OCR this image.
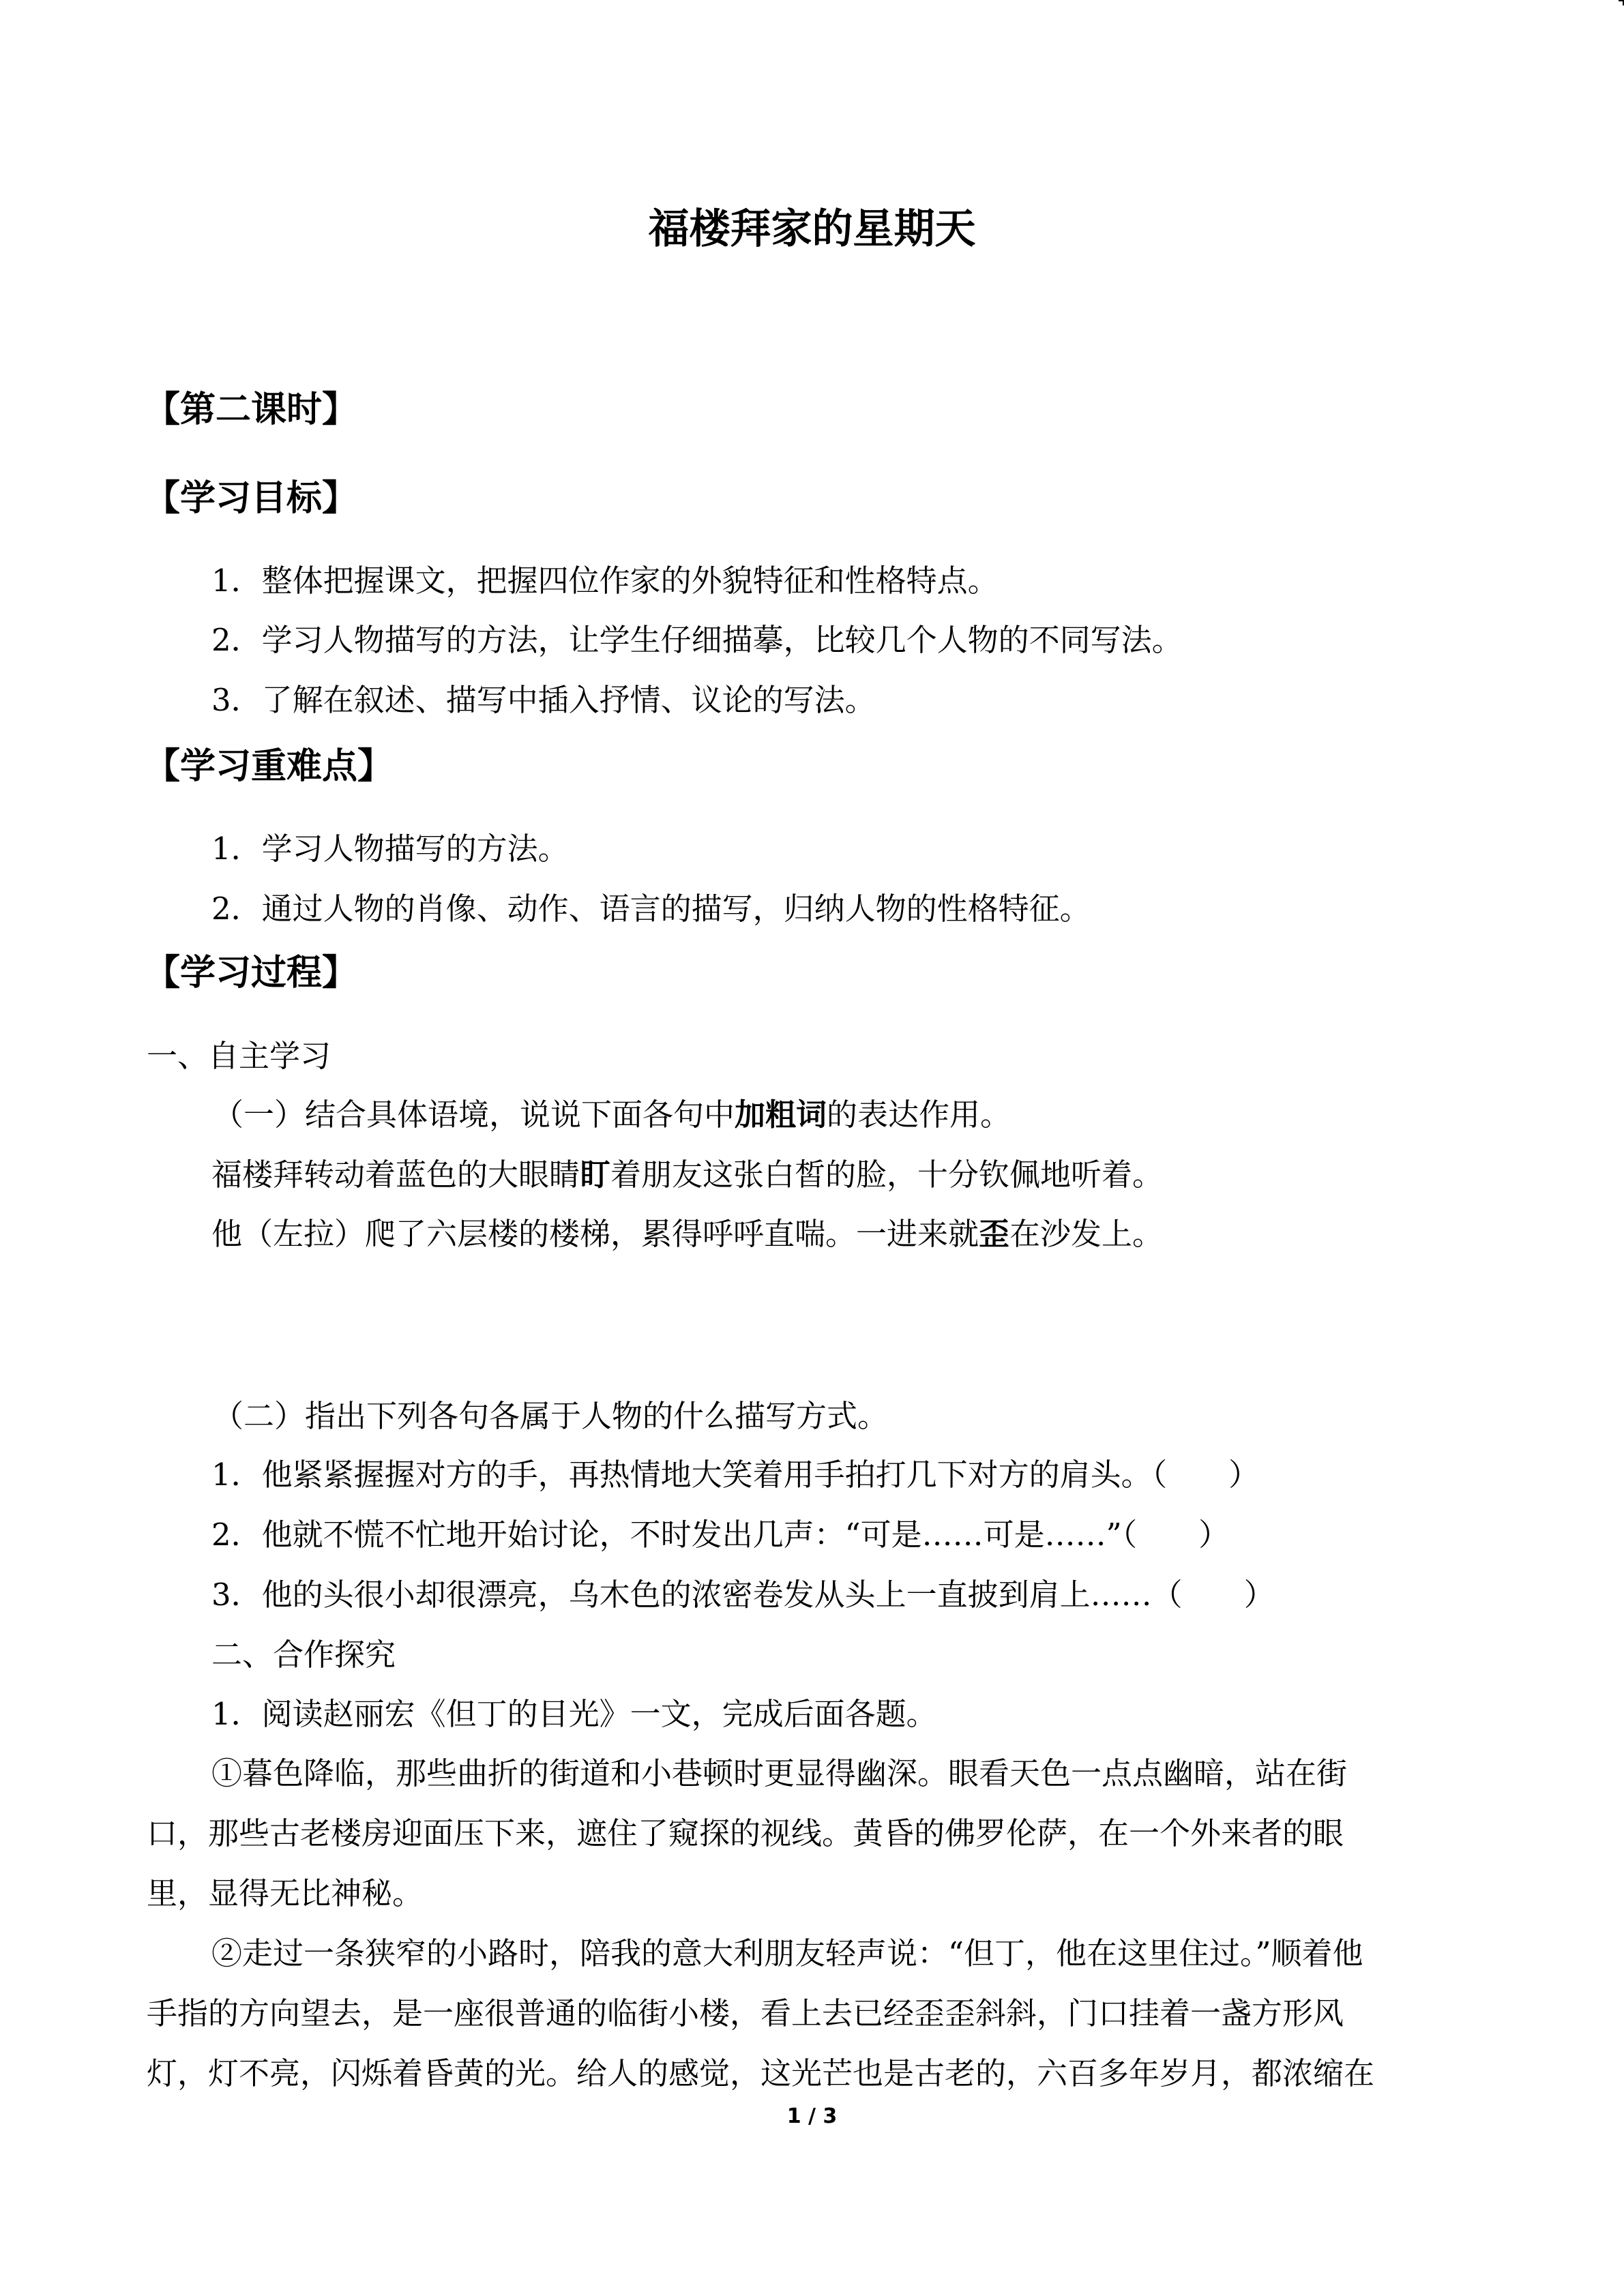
福楼拜家的星期天
【第二课时】
【学习目标】
1．整体把握课文，把握四位作家的外貌特征和性格特点。
2．学习人物描写的方法，让学生仔细描摹，比较几个人物的不同写法。
3．了解在叙述、描写中插入抒情、议论的写法。
【学习重难点】
1．学习人物描写的方法。
2．通过人物的肖像、动作、语言的描写，归纳人物的性格特征。
【学习过程】
一、自主学习
（一）结合具体语境，说说下面各句中加粗词的表达作用。
福楼拜转动着蓝色的大眼睛盯着朋友这张白皙的脸，十分钦佩地听着。
他（左拉）爬了六层楼的楼梯，累得呼呼直喘。一进来就歪在沙发上。
（二）指出下列各句各属于人物的什么描写方式。
1．他紧紧握握对方的手，再热情地大笑着用手拍打几下对方的肩头。（　　）
2．他就不慌不忙地开始讨论，不时发出几声：“可是……可是……”（　　）
3．他的头很小却很漂亮，乌木色的浓密卷发从头上一直披到肩上……（　　）
二、合作探究
1．阅读赵丽宏《但丁的目光》一文，完成后面各题。
①暮色降临，那些曲折的街道和小巷顿时更显得幽深。眼看天色一点点幽暗，站在街
口，那些古老楼房迎面压下来，遮住了窥探的视线。黄昏的佛罗伦萨，在一个外来者的眼
里，显得无比神秘。
②走过一条狭窄的小路时，陪我的意大利朋友轻声说：“但丁，他在这里住过。”顺着他
手指的方向望去，是一座很普通的临街小楼，看上去已经歪歪斜斜，门口挂着一盏方形风
灯，灯不亮，闪烁着昏黄的光。给人的感觉，这光芒也是古老的，六百多年岁月，都浓缩在
1 / 3
